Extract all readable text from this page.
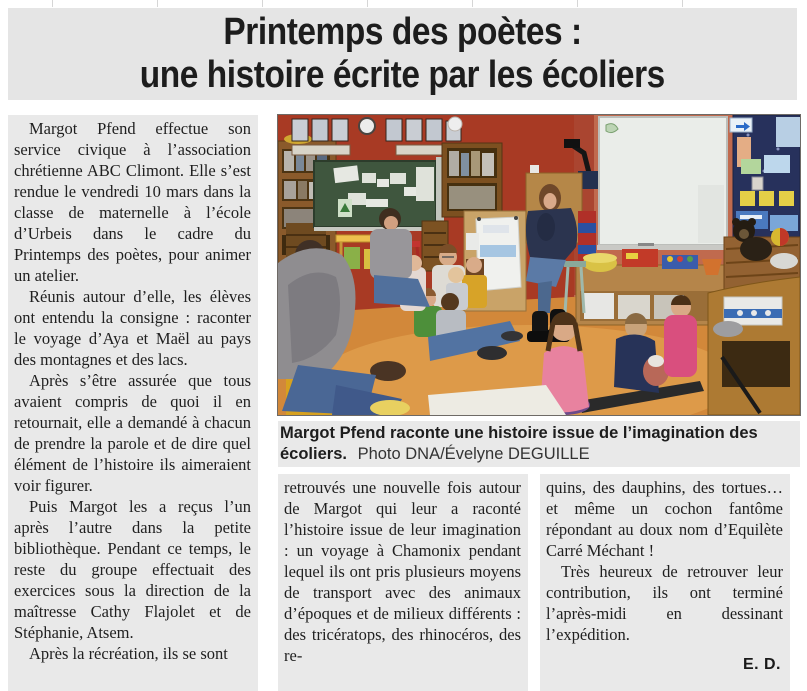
Printemps des poètes :
une histoire écrite par les écoliers

Margot Pfend effectue son service civique à l’association chrétienne ABC Climont. Elle s’est rendue le vendredi 10 mars dans la classe de maternelle à l’école d’Urbeis dans le cadre du Printemps des poètes, pour animer un atelier.

Réunis autour d’elle, les élèves ont entendu la consigne : raconter le voyage d’Aya et Maël au pays des montagnes et des lacs.

Après s’être assurée que tous avaient compris de quoi il en retournait, elle a demandé à chacun de prendre la parole et de dire quel élément de l’histoire ils aimeraient voir figurer.

Puis Margot les a reçus l’un après l’autre dans la petite bibliothèque. Pendant ce temps, le reste du groupe effectuait des exercices sous la direction de la maîtresse Cathy Flajolet et de Stéphanie, Atsem.

Après la récréation, ils se sont

Margot Pfend raconte une histoire issue de l’imagination des écoliers. Photo DNA/Évelyne DEGUILLE

retrouvés une nouvelle fois autour de Margot qui leur a raconté l’histoire issue de leur imagination : un voyage à Chamonix pendant lequel ils ont pris plusieurs moyens de transport avec des animaux d’époques et de milieux différents : des tricératops, des rhinocéros, des re-

quins, des dauphins, des tortues… et même un cochon fantôme répondant au doux nom d’Equilète Carré Méchant !

Très heureux de retrouver leur contribution, ils ont terminé l’après-midi en dessinant l’expédition.

E. D.
